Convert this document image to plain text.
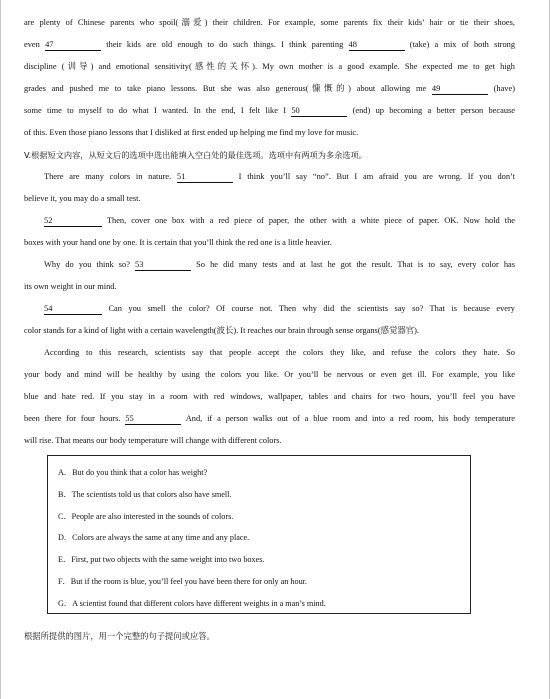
are plenty of Chinese parents who spoil(溺爱) their children. For example, some parents fix their kids’ hair or tie their shoes,
even 47	their kids are old enough to do such things. I think parenting 48	(take) a mix of both strong
discipline (训导) and emotional sensitivity(感性的关怀). My own mother is a good example. She expected me to get high
grades and pushed me to take piano lessons. But she was also generous(慷慨的) about allowing me 49	(have)
some time to myself to do what I wanted. In the end, I felt like I 50	(end) up becoming a better person because
of this. Even those piano lessons that I disliked at first ended up helping me find my love for music.
V.根据短文内容，从短文后的选项中选出能填入空白处的最佳选项。选项中有两项为多余选项。
There are many colors in nature. 51	I think you’ll say “no”. But I am afraid you are wrong. If you don’t
believe it, you may do a small test.
52	Then, cover one box with a red piece of paper, the other with a white piece of paper. OK. Now hold the
boxes with your hand one by one. It is certain that you’ll think the red one is a little heavier.
Why do you think so? 53	So he did many tests and at last he got the result. That is to say, every color has
its own weight in our mind.
54	Can you smell the color? Of course not. Then why did the scientists say so? That is because every
color stands for a kind of light with a certain wavelength(波长). It reaches our brain through sense organs(感觉器官).
According to this research, scientists say that people accept the colors they like, and refuse the colors they hate. So
your body and mind will be healthy by using the colors you like. Or you’ll be nervous or even get ill. For example, you like
blue and hate red. If you stay in a room with red windows, wallpaper, tables and chairs for two hours, you’ll feel you have
been there for four hours. 55	And, if a person walks out of a blue room and into a red room, his body temperature
will rise. That means our body temperature will change with different colors.
A．But do you think that a color has weight?
B．The scientists told us that colors also have smell.
C．People are also interested in the sounds of colors.
D．Colors are always the same at any time and any place.
E．First, put two objects with the same weight into two boxes.
F．But if the room is blue, you’ll feel you have been there for only an hour.
G．A scientist found that different colors have different weights in a man’s mind.
根据所提供的图片，用一个完整的句子提问或应答。
